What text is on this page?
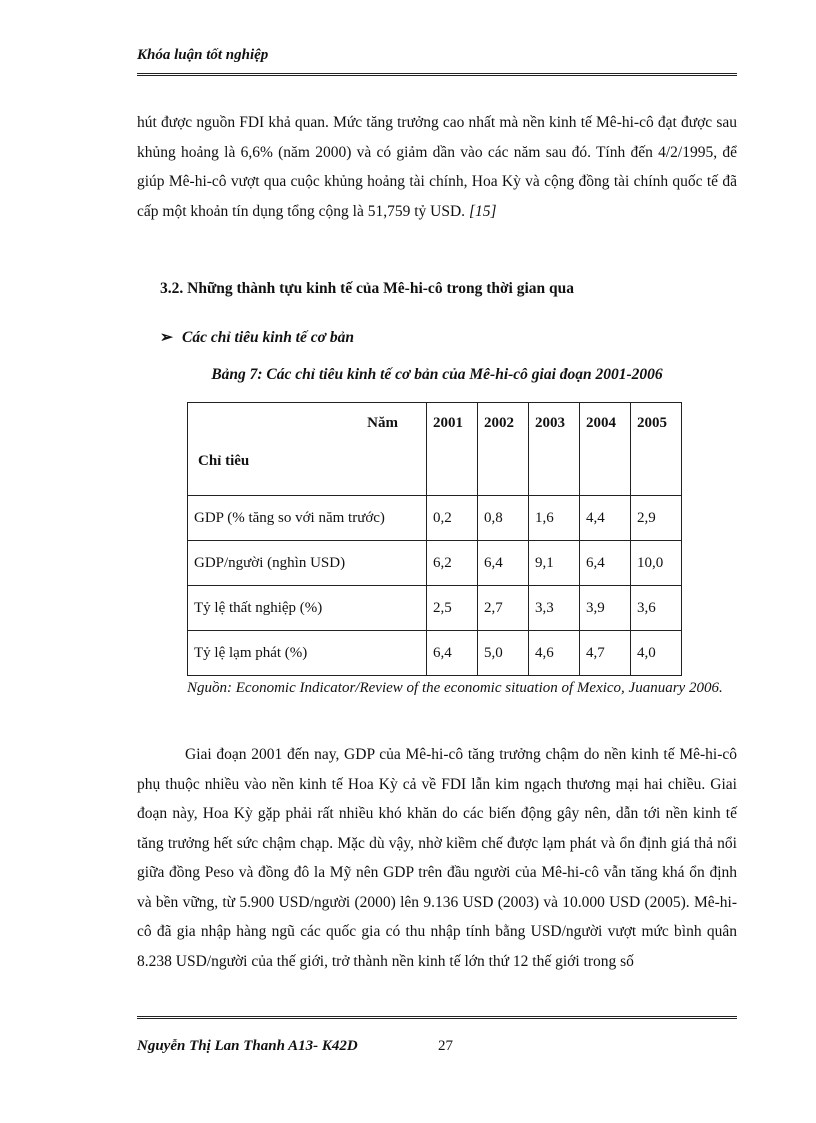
Khóa luận tốt nghiệp
hút được nguồn FDI khả quan. Mức tăng trưởng cao nhất mà nền kinh tế Mê-hi-cô đạt được sau khủng hoảng là 6,6% (năm 2000) và có giảm dần vào các năm sau đó. Tính đến 4/2/1995, để giúp Mê-hi-cô vượt qua cuộc khủng hoảng tài chính, Hoa Kỳ và cộng đồng tài chính quốc tế đã cấp một khoản tín dụng tổng cộng là 51,759 tỷ USD. [15]
3.2. Những thành tựu kinh tế của Mê-hi-cô trong thời gian qua
➢ Các chỉ tiêu kinh tế cơ bản
Bảng 7: Các chỉ tiêu kinh tế cơ bản của Mê-hi-cô giai đoạn 2001-2006
Năm
Chỉ tiêu	2001	2002	2003	2004	2005
GDP (% tăng so với năm trước)	0,2	0,8	1,6	4,4	2,9
GDP/người (nghìn USD)	6,2	6,4	9,1	6,4	10,0
Tỷ lệ thất nghiệp (%)	2,5	2,7	3,3	3,9	3,6
Tỷ lệ lạm phát (%)	6,4	5,0	4,6	4,7	4,0
Nguồn: Economic Indicator/Review of the economic situation of Mexico, Juanuary 2006.
Giai đoạn 2001 đến nay, GDP của Mê-hi-cô tăng trưởng chậm do nền kinh tế Mê-hi-cô phụ thuộc nhiều vào nền kinh tế Hoa Kỳ cả về FDI lẫn kim ngạch thương mại hai chiều. Giai đoạn này, Hoa Kỳ gặp phải rất nhiều khó khăn do các biến động gây nên, dẫn tới nền kinh tế tăng trưởng hết sức chậm chạp. Mặc dù vậy, nhờ kiềm chế được lạm phát và ổn định giá thả nổi giữa đồng Peso và đồng đô la Mỹ nên GDP trên đầu người của Mê-hi-cô vẫn tăng khá ổn định và bền vững, từ 5.900 USD/người (2000) lên 9.136 USD (2003) và 10.000 USD (2005). Mê-hi-cô đã gia nhập hàng ngũ các quốc gia có thu nhập tính bằng USD/người vượt mức bình quân 8.238 USD/người của thế giới, trở thành nền kinh tế lớn thứ 12 thế giới trong số
Nguyễn Thị Lan Thanh A13- K42D	27
